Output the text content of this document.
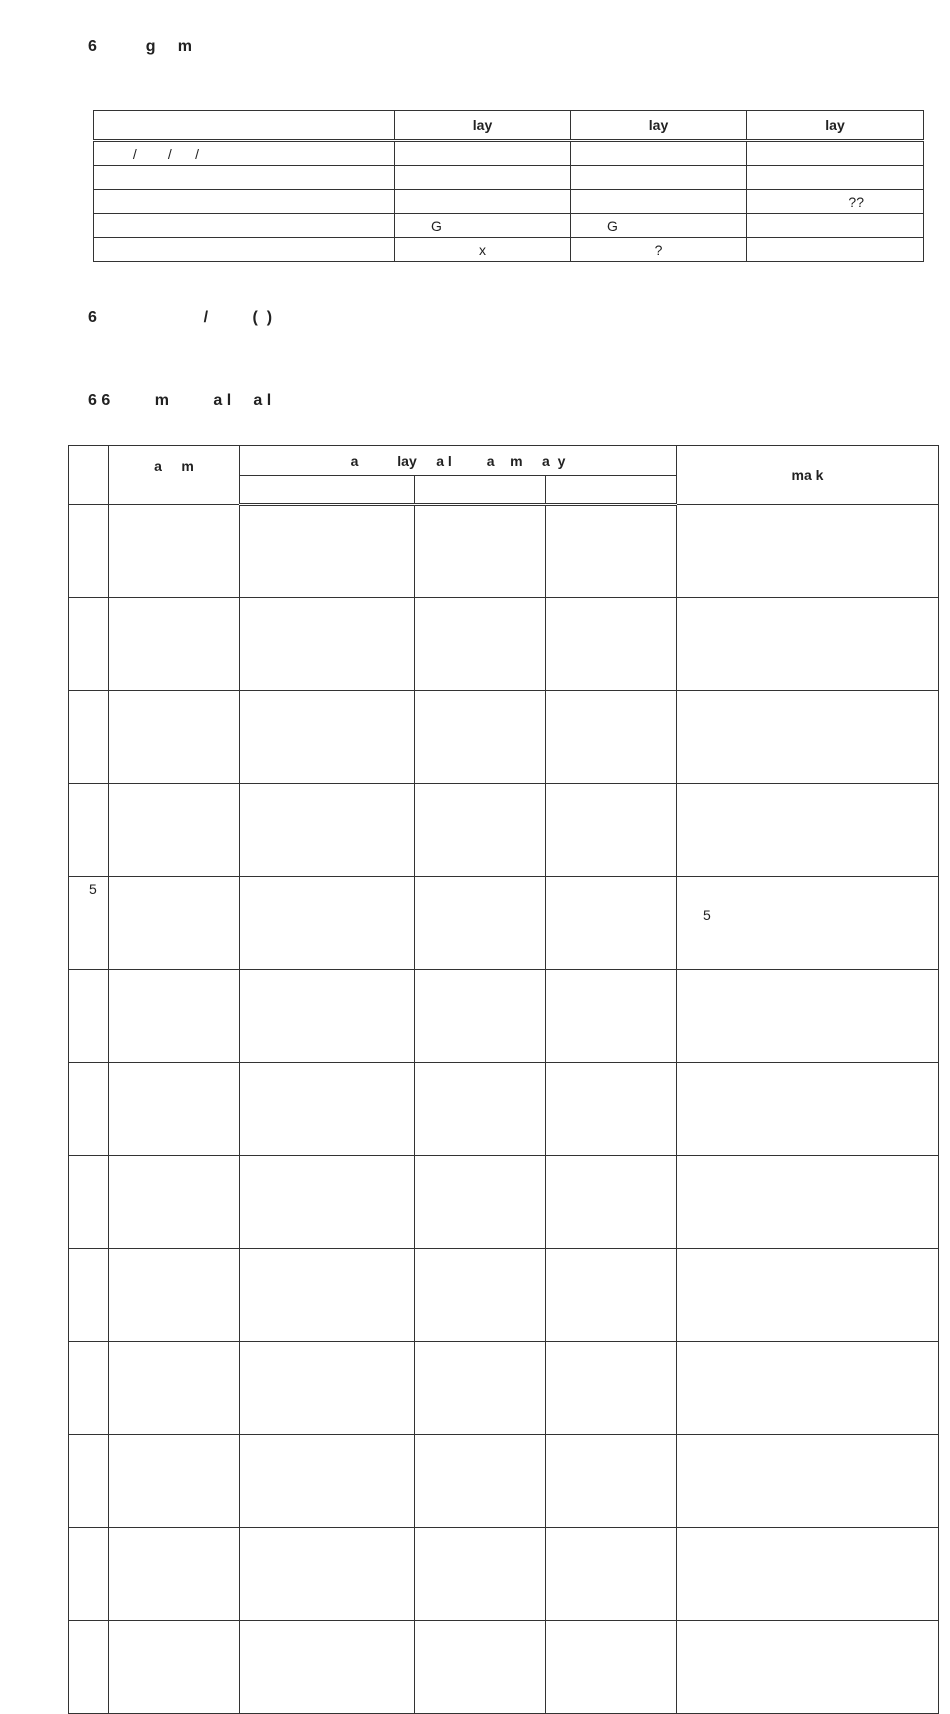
6           g     m
	lay	lay	lay
/        /      /			

			??
	G	G	
	x	?	
6                        /          (  )
6 6          m          a l     a l
	a     m	a          lay     a l         a    m     a  y			ma k

5					5
